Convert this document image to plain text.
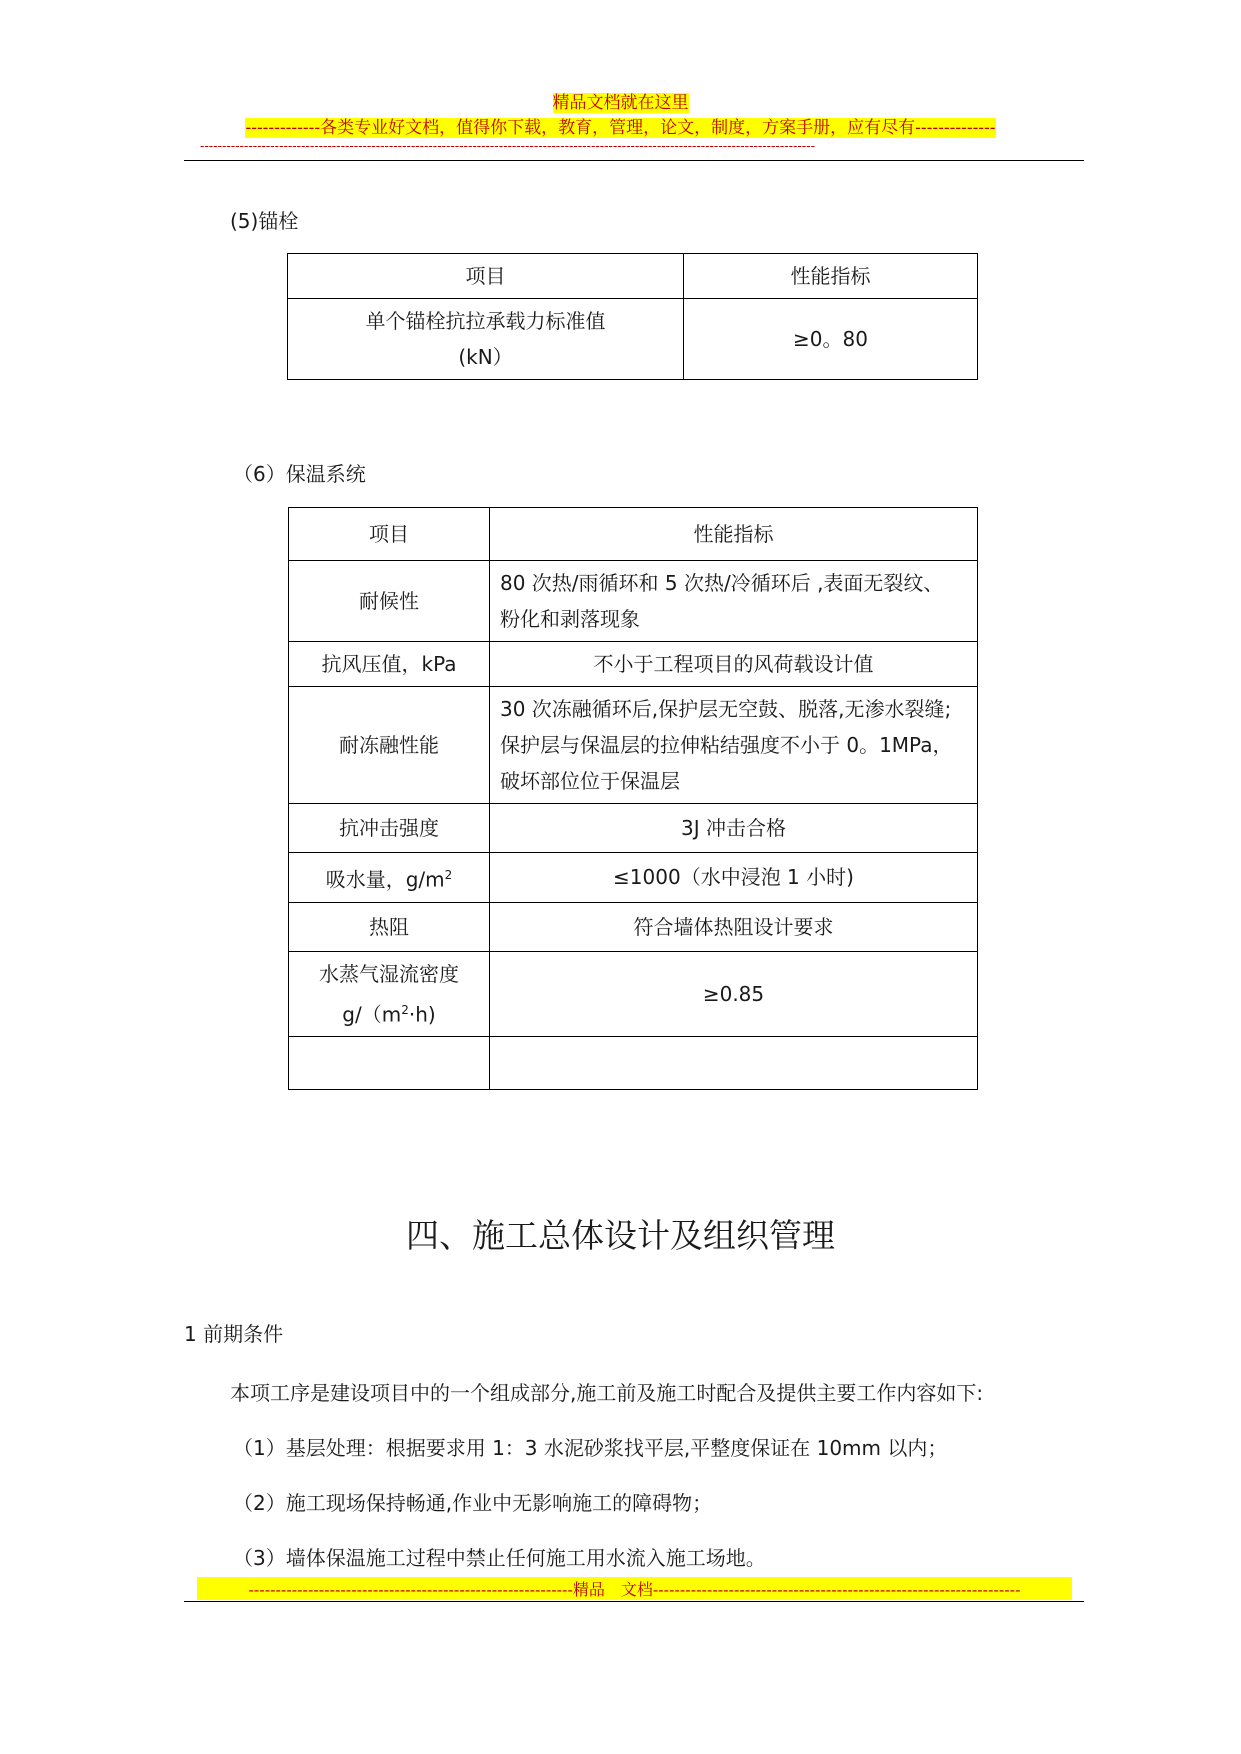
精品文档就在这里
-------------各类专业好文档，值得你下载，教育，管理，论文，制度，方案手册，应有尽有--------------
--------------------------------------------------------------------------------------------------------------------------------------------
(5)锚栓
项目	性能指标

单个锚栓抗拉承载力标准值
(kN）	≥0。80
（6）保温系统
项目	性能指标
耐候性	80 次热/雨循环和 5 次热/冷循环后 ,表面无裂纹、
粉化和剥落现象

抗风压值，kPa	不小于工程项目的风荷载设计值
耐冻融性能	30 次冻融循环后,保护层无空鼓、脱落,无渗水裂缝;
保护层与保温层的拉伸粘结强度不小于 0。1MPa，
破坏部位位于保温层

抗冲击强度	3J 冲击合格
吸水量，$g/m^2$	≤1000（水中浸泡 1 小时)
热阻	符合墙体热阻设计要求

水蒸气湿流密度
$g/(m^2\cdot h)$	≥0.85

四、施工总体设计及组织管理
1 前期条件
本项工序是建设项目中的一个组成部分,施工前及施工时配合及提供主要工作内容如下:
（1）基层处理：根据要求用 1：3 水泥砂浆找平层,平整度保证在 10mm 以内；
（2）施工现场保持畅通,作业中无影响施工的障碍物；
（3）墙体保温施工过程中禁止任何施工用水流入施工场地。
------------------------------------------------------------精品　文档--------------------------------------------------------------------
